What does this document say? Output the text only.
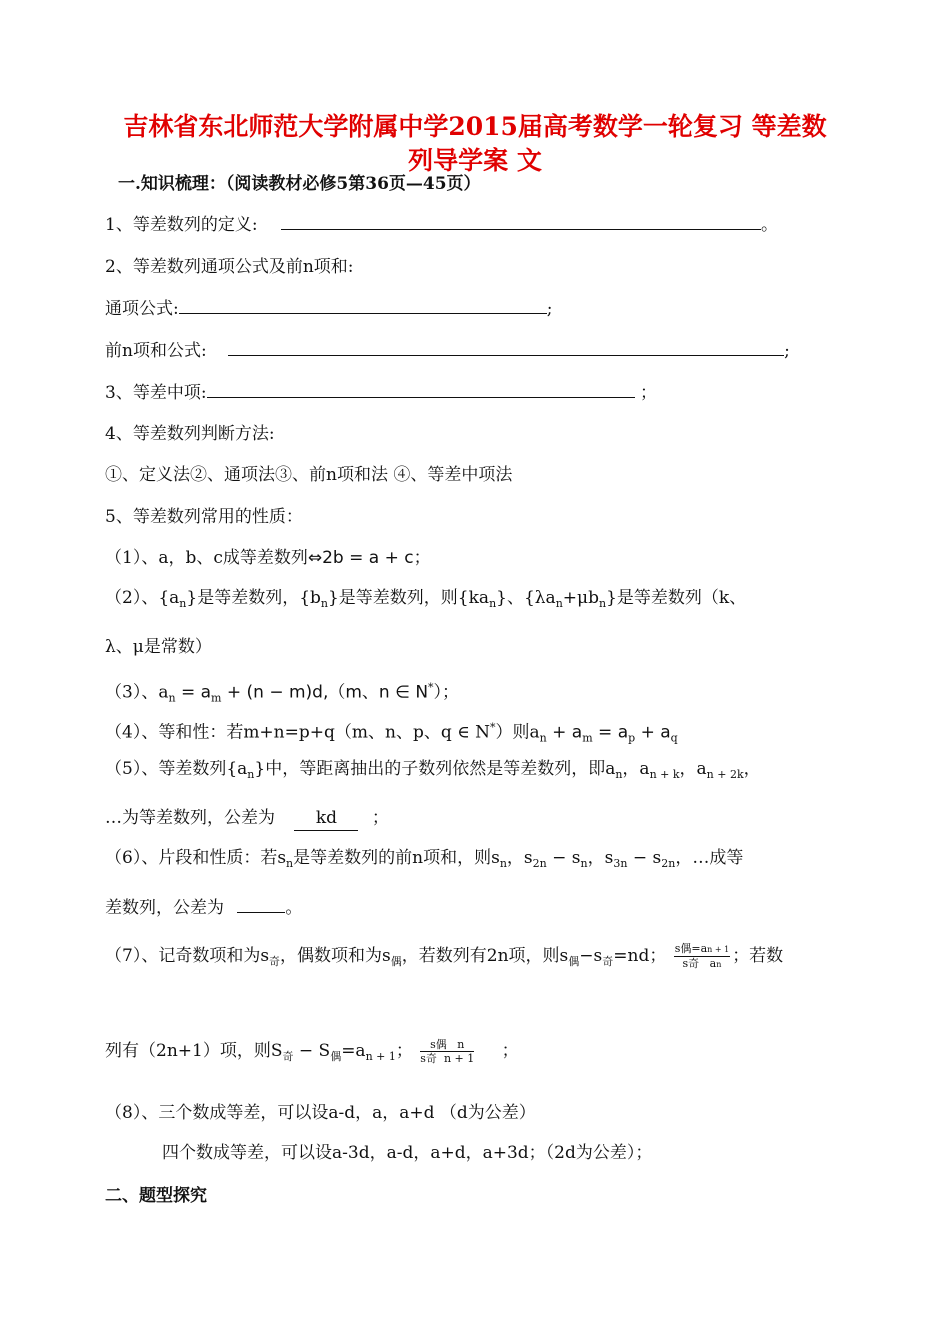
吉林省东北师范大学附属中学2015届高考数学一轮复习 等差数
列导学案 文
一.知识梳理：（阅读教材必修5第36页—45页）
1、等差数列的定义:	。
2、等差数列通项公式及前n项和:
通项公式:	;
前n项和公式:	;
3、等差中项:	；
4、等差数列判断方法:
①、定义法②、通项法③、前n项和法 ④、等差中项法
5、等差数列常用的性质：
（1）、a，b、c成等差数列⇔2b = a + c；
（2）、$\{a_n\}$是等差数列，$\{b_n\}$是等差数列，则$\{ka_n\}$、$\{\lambda a_n+\mu b_n\}$是等差数列（k、
λ、μ是常数）
（3）、$a_n = a_m + (n - m)d,(m$、n ∈ N*）；
（4）、等和性：若m+n=p+q（m、n、p、q ∈ N*）则$a_n + a_m = a_p + a_q$
（5）、等差数列$\{a_n\}$中，等距离抽出的子数列依然是等差数列，即$a_n$，$a_{n + k}$，$a_{n + 2k}$，
…为等差数列，公差为 kd ；
（6）、片段和性质：若$s_n$是等差数列的前n项和，则$s_n$，$s_{2n} - s_n$，$s_{3n} - s_{2n}$，…成等
差数列，公差为	。
（7）、记奇数项和为$s_奇$，偶数项和为$s_偶$，若数列有2n项，则$s_偶-s_奇=nd$； $\frac{\text{s偶=an + 1}}{\text{s奇 an}}$ ；若数
列有（2n+1）项，则$S_奇 - S_偶=a_{n + 1}$； $\frac{\text{s偶 n}}{\text{s奇 n + 1}}$ ；
（8）、三个数成等差，可以设a-d，a，a+d （d为公差）
四个数成等差，可以设a-3d，a-d，a+d，a+3d；（2d为公差）；
二、题型探究
